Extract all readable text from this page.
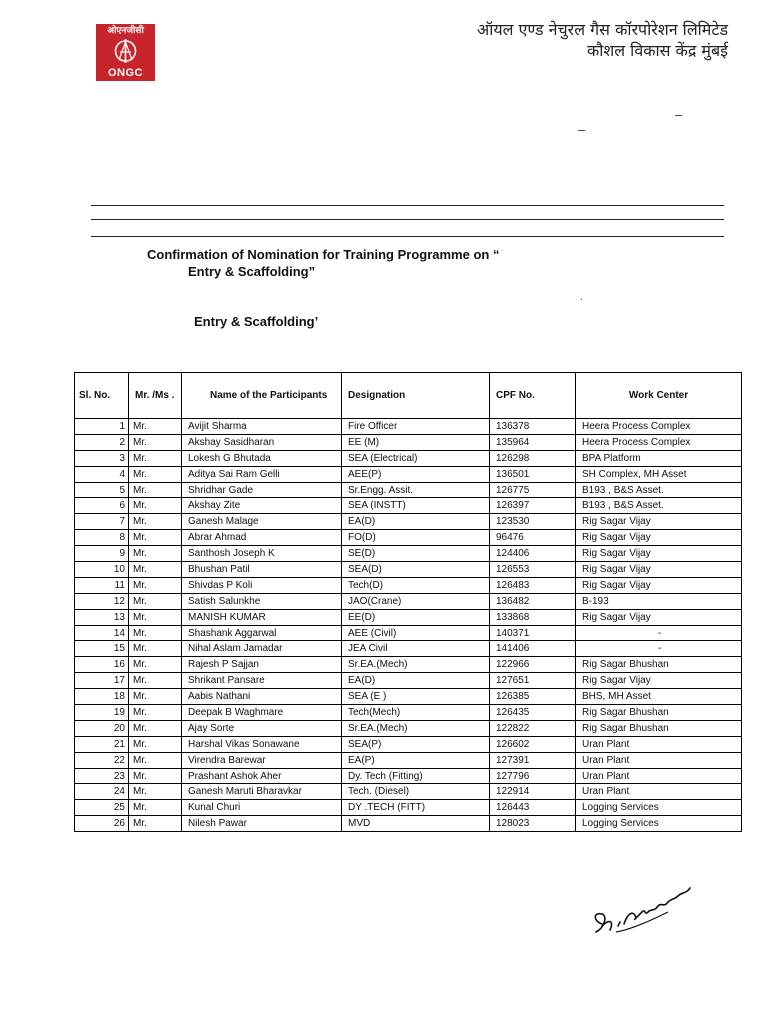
ओएनजीसी
ONGC
ऑयल एण्ड नेचुरल गैस कॉरपोरेशन लिमिटेड
कौशल विकास केंद्र मुंबई
–
–
Confirmation of Nomination for Training Programme on “
Entry & Scaffolding”
.
Entry & Scaffolding’
Sl. No.	Mr. /Ms .	Name of the Participants	Designation	CPF No.	Work Center
1	Mr.	Avijit Sharma	Fire Officer	136378	Heera Process Complex
2	Mr.	Akshay Sasidharan	EE (M)	135964	Heera Process Complex
3	Mr.	Lokesh G Bhutada	SEA (Electrical)	126298	BPA Platform
4	Mr.	Aditya Sai Ram Gelli	AEE(P)	136501	SH Complex, MH Asset
5	Mr.	Shridhar Gade	Sr.Engg. Assit.	126775	B193 , B&S Asset.
6	Mr.	Akshay Zite	SEA (INSTT)	126397	B193 , B&S Asset.
7	Mr.	Ganesh Malage	EA(D)	123530	Rig Sagar Vijay
8	Mr.	Abrar Ahmad	FO(D)	96476	Rig Sagar Vijay
9	Mr.	Santhosh Joseph K	SE(D)	124406	Rig Sagar Vijay
10	Mr.	Bhushan Patil	SEA(D)	126553	Rig Sagar Vijay
11	Mr.	Shivdas P Koli	Tech(D)	126483	Rig Sagar Vijay
12	Mr.	Satish Salunkhe	JAO(Crane)	136482	B-193
13	Mr.	MANISH KUMAR	EE(D)	133868	Rig Sagar Vijay
14	Mr.	Shashank Aggarwal	AEE (Civil)	140371	-
15	Mr.	Nihal Aslam Jamadar	JEA Civil	141406	-
16	Mr.	Rajesh P Sajjan	Sr.EA.(Mech)	122966	Rig Sagar Bhushan
17	Mr.	Shrikant Pansare	EA(D)	127651	Rig Sagar Vijay
18	Mr.	Aabis Nathani	SEA (E )	126385	BHS, MH Asset
19	Mr.	Deepak B Waghmare	Tech(Mech)	126435	Rig Sagar Bhushan
20	Mr.	Ajay Sorte	Sr.EA.(Mech)	122822	Rig Sagar Bhushan
21	Mr.	Harshal Vikas Sonawane	SEA(P)	126602	Uran Plant
22	Mr.	Virendra Barewar	EA(P)	127391	Uran Plant
23	Mr.	Prashant Ashok Aher	Dy. Tech (Fitting)	127796	Uran Plant
24	Mr.	Ganesh Maruti Bharavkar	Tech. (Diesel)	122914	Uran Plant
25	Mr.	Kunal Churi	DY .TECH (FITT)	126443	Logging Services
26	Mr.	Nilesh Pawar	MVD	128023	Logging Services
